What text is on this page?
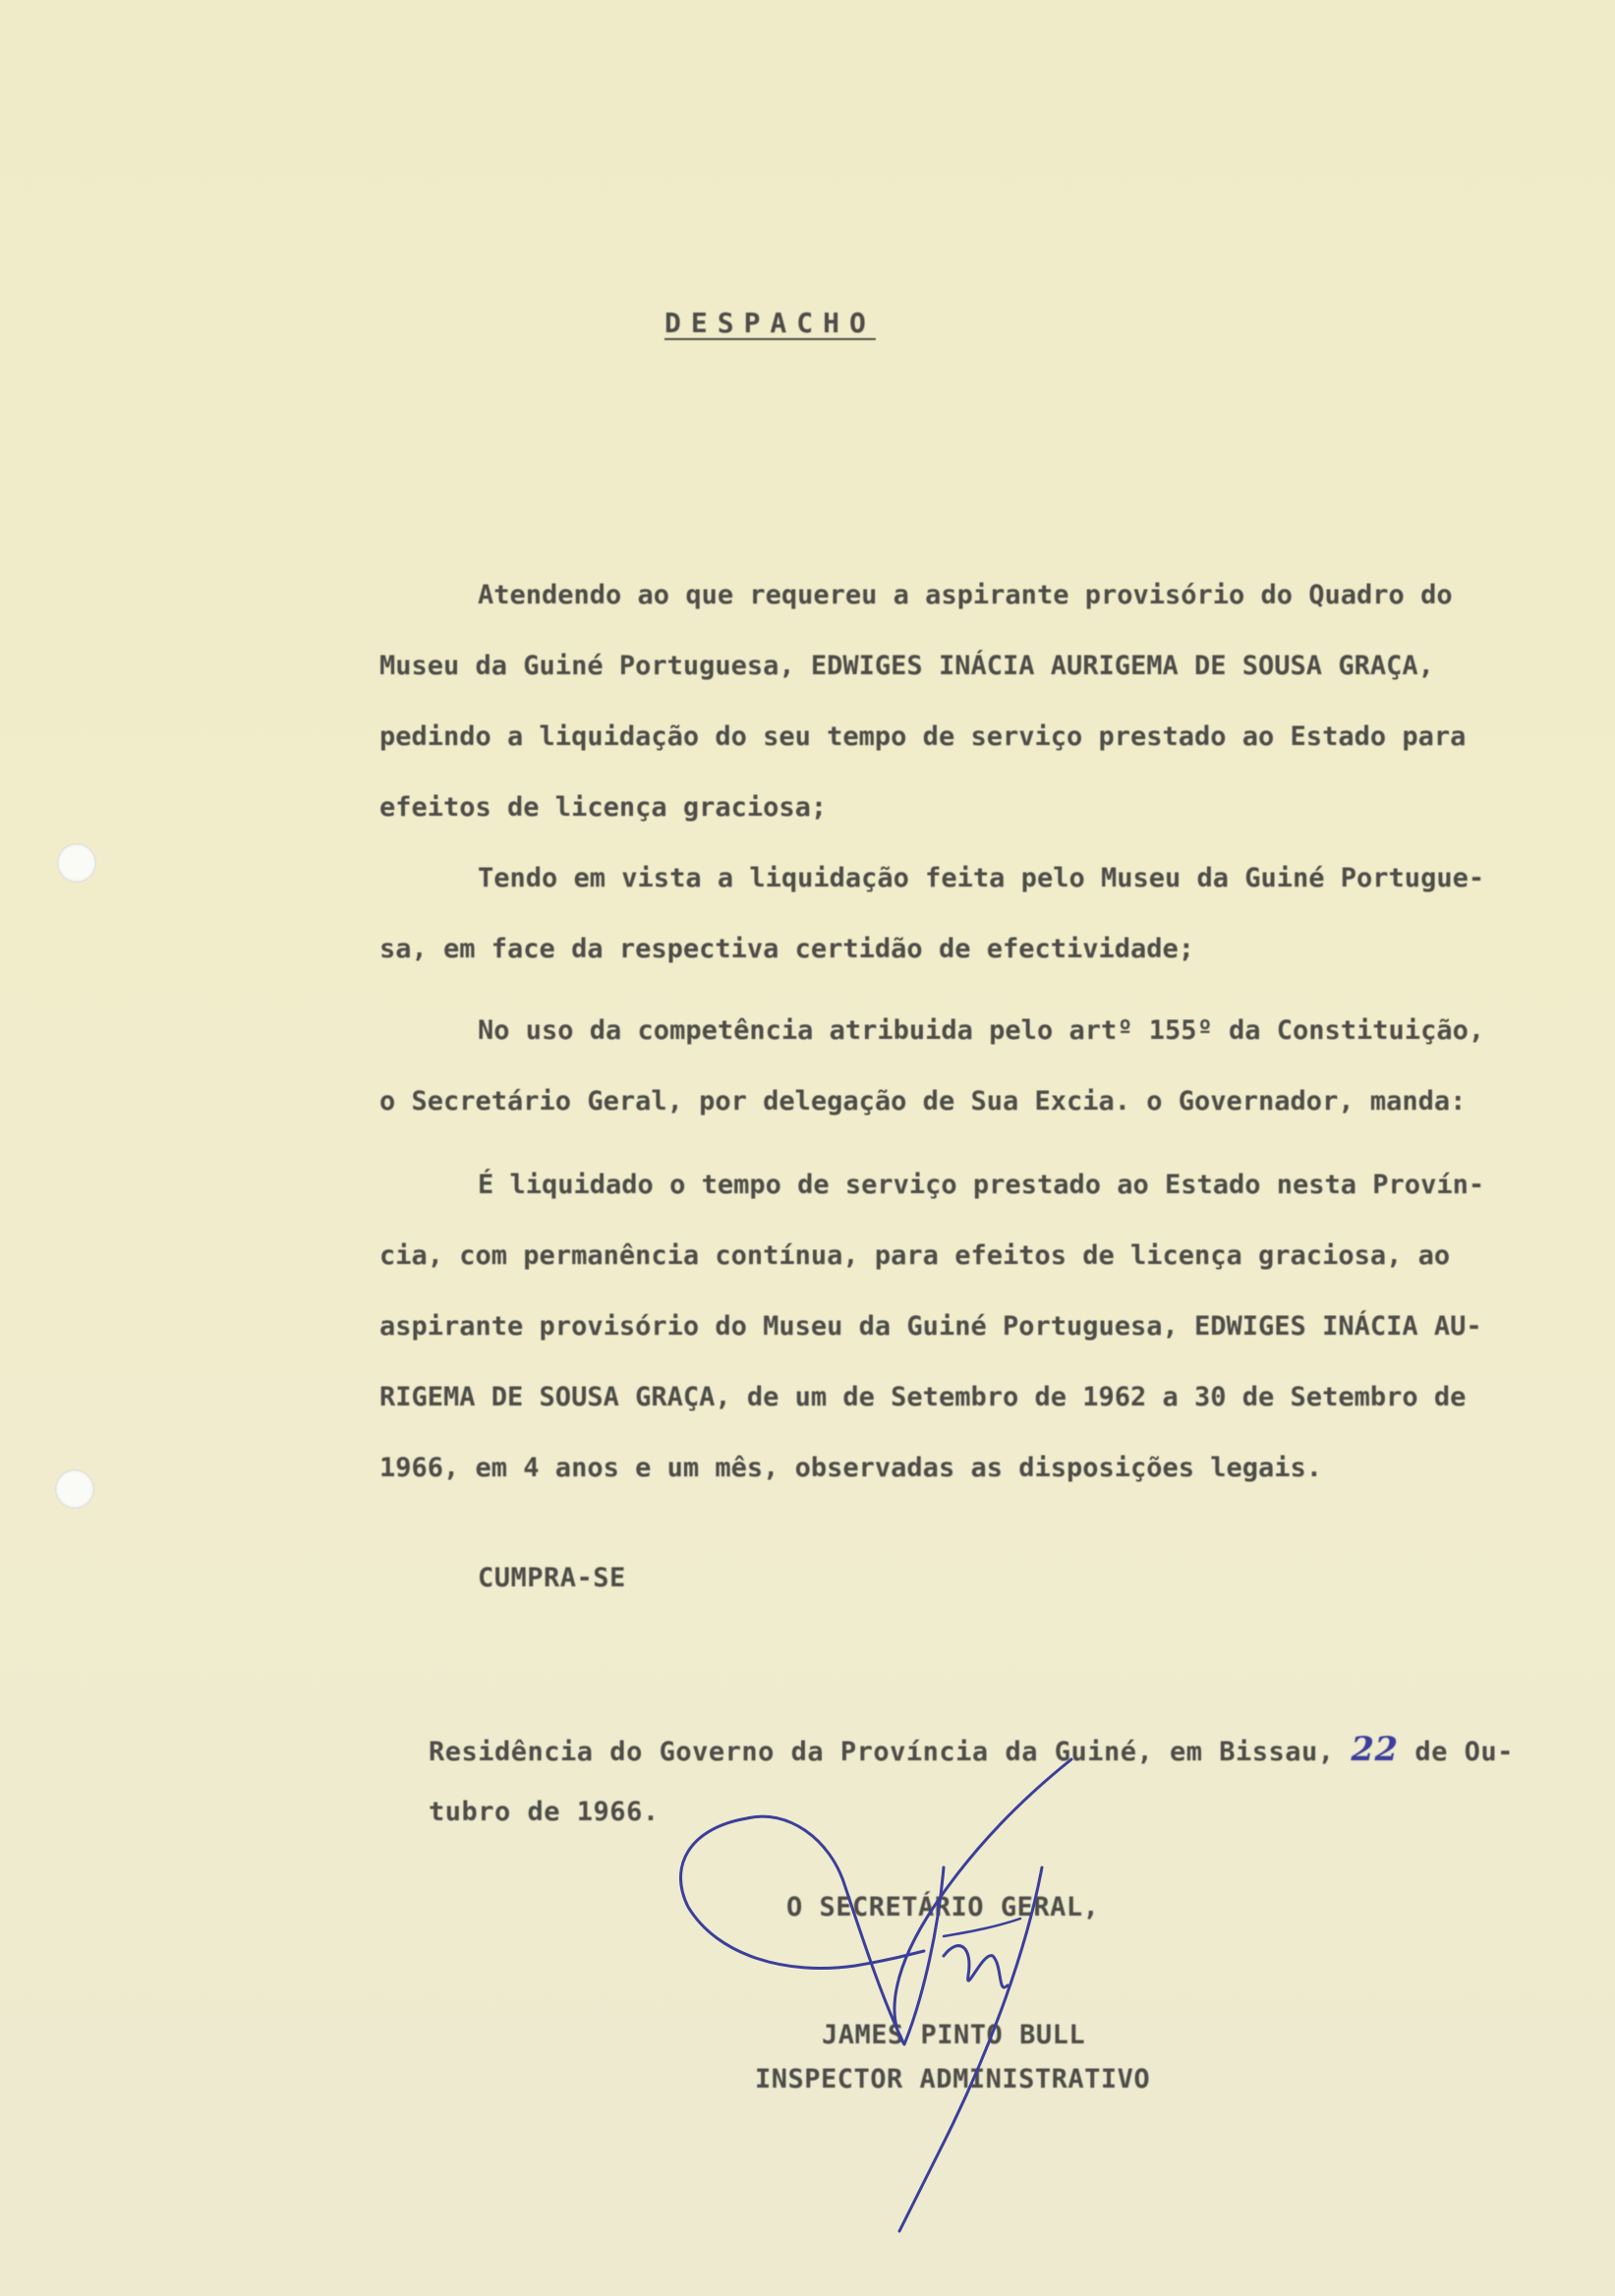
DESPACHO
Atendendo ao que requereu a aspirante provisório do Quadro do
Museu da Guiné Portuguesa, EDWIGES INÁCIA AURIGEMA DE SOUSA GRAÇA,
pedindo a liquidação do seu tempo de serviço prestado ao Estado para
efeitos de licença graciosa;
Tendo em vista a liquidação feita pelo Museu da Guiné Portugue-
sa, em face da respectiva certidão de efectividade;
No uso da competência atribuida pelo artº 155º da Constituição,
o Secretário Geral, por delegação de Sua Excia. o Governador, manda:
É liquidado o tempo de serviço prestado ao Estado nesta Provín-
cia, com permanência contínua, para efeitos de licença graciosa, ao
aspirante provisório do Museu da Guiné Portuguesa, EDWIGES INÁCIA AU-
RIGEMA DE SOUSA GRAÇA, de um de Setembro de 1962 a 30 de Setembro de
1966, em 4 anos e um mês, observadas as disposições legais.
CUMPRA-SE
Residência do Governo da Província da Guiné, em Bissau, 22 de Ou-
tubro de 1966.
O SECRETÁRIO GERAL,
JAMES PINTO BULL
INSPECTOR ADMINISTRATIVO
